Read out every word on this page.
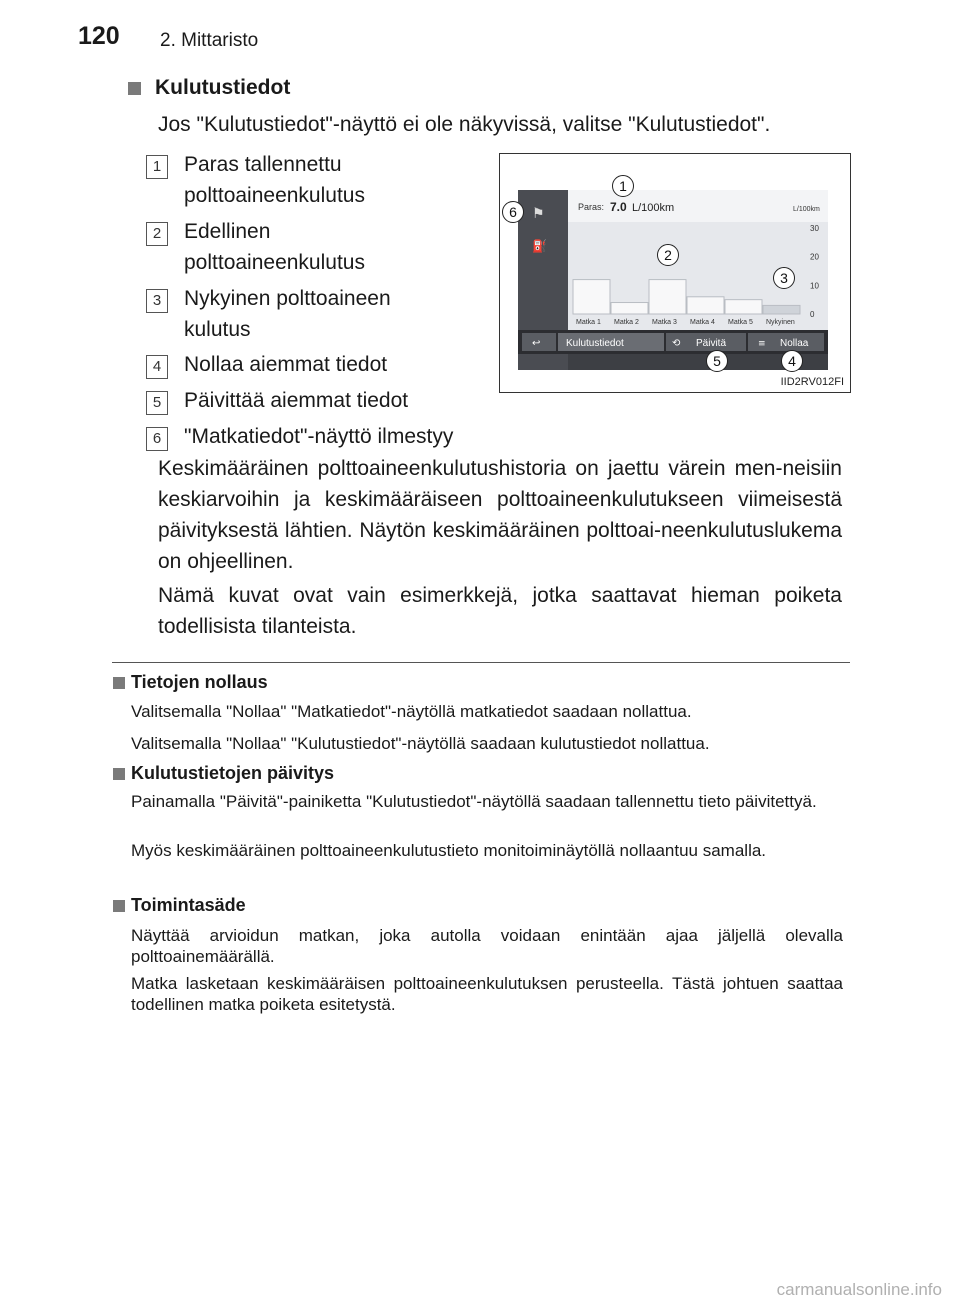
120 2. Mittaristo
Kulutustiedot
Jos "Kulutustiedot"-näyttö ei ole näkyvissä, valitse "Kulutustiedot".
1	Paras tallennettu polttoaineenkulutus
2	Edellinen polttoaineenkulutus
3	Nykyinen polttoaineen kulutus
4	Nollaa aiemmat tiedot
5	Päivittää aiemmat tiedot
6	"Matkatiedot"-näyttö ilmestyy
Keskimääräinen polttoaineenkulutushistoria on jaettu värein men-neisiin keskiarvoihin ja keskimääräiseen polttoaineenkulutukseen viimeisestä päivityksestä lähtien. Näytön keskimääräinen polttoai-neenkulutuslukema on ohjeellinen.
Nämä kuvat ovat vain esimerkkejä, jotka saattavat hieman poiketa todellisista tilanteista.
Paras: 7.0 L/100km	L/100km
30
20
10
0
Matka 1 Matka 2 Matka 3 Matka 4 Matka 5 Nykyinen
↩	Kulutustiedot	⟲ Päivitä	≡ Nollaa
⚑
⛽
1
2
3
4
5
6
IID2RV012FI
Tietojen nollaus
Valitsemalla "Nollaa" "Matkatiedot"-näytöllä matkatiedot saadaan nollattua.
Valitsemalla "Nollaa" "Kulutustiedot"-näytöllä saadaan kulutustiedot nollattua.
Kulutustietojen päivitys
Painamalla "Päivitä"-painiketta "Kulutustiedot"-näytöllä saadaan tallennettu tieto päivitettyä.
Myös keskimääräinen polttoaineenkulutustieto monitoiminäytöllä nollaantuu samalla.
Toimintasäde
Näyttää arvioidun matkan, joka autolla voidaan enintään ajaa jäljellä olevalla polttoainemäärällä.
Matka lasketaan keskimääräisen polttoaineenkulutuksen perusteella. Tästä johtuen saattaa todellinen matka poiketa esitetystä.
carmanualsonline.info
